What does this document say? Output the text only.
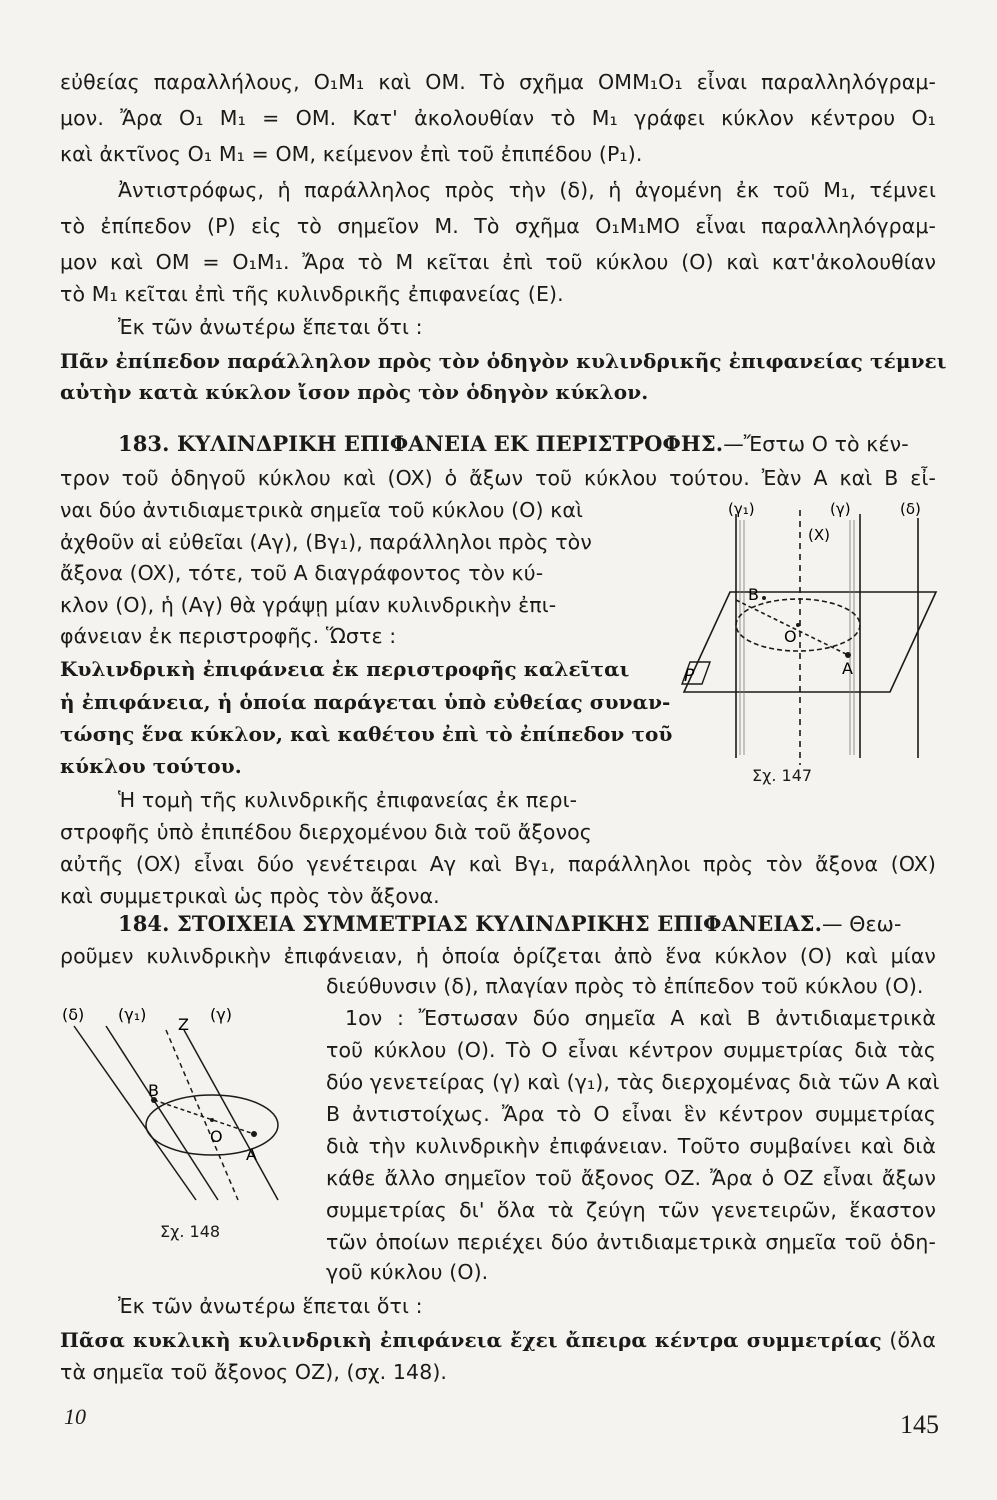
εὐθείας παραλλήλους, O₁M₁ καὶ OM. Τὸ σχῆμα OMM₁O₁ εἶναι παραλληλόγραμ-
μον. Ἄρα O₁ M₁ = OM. Κατ' ἀκολουθίαν τὸ M₁ γράφει κύκλον κέντρου O₁
καὶ ἀκτῖνος O₁ M₁ = OM, κείμενον ἐπὶ τοῦ ἐπιπέδου (P₁).
Ἀντιστρόφως, ἡ παράλληλος πρὸς τὴν (δ), ἡ ἀγομένη ἐκ τοῦ M₁, τέμνει
τὸ ἐπίπεδον (P) εἰς τὸ σημεῖον M. Τὸ σχῆμα O₁M₁MO εἶναι παραλληλόγραμ-
μον καὶ OM = O₁M₁. Ἄρα τὸ M κεῖται ἐπὶ τοῦ κύκλου (O) καὶ κατ'ἀκολουθίαν
τὸ M₁ κεῖται ἐπὶ τῆς κυλινδρικῆς ἐπιφανείας (E).
Ἐκ τῶν ἀνωτέρω ἕπεται ὅτι :
Πᾶν ἐπίπεδον παράλληλον πρὸς τὸν ὁδηγὸν κυλινδρικῆς ἐπιφανείας τέμνει
αὐτὴν κατὰ κύκλον ἴσον πρὸς τὸν ὁδηγὸν κύκλον.
183. ΚΥΛΙΝΔΡΙΚΗ ΕΠΙΦΑΝΕΙΑ ΕΚ ΠΕΡΙΣΤΡΟΦΗΣ.—Ἔστω O τὸ κέν-
τρον τοῦ ὁδηγοῦ κύκλου καὶ (OX) ὁ ἄξων τοῦ κύκλου τούτου. Ἐὰν A καὶ B εἶ-
ναι δύο ἀντιδιαμετρικὰ σημεῖα τοῦ κύκλου (O) καὶ
ἀχθοῦν αἱ εὐθεῖαι (Aγ), (Bγ₁), παράλληλοι πρὸς τὸν
ἄξονα (OX), τότε, τοῦ A διαγράφοντος τὸν κύ-
κλον (O), ἡ (Aγ) θὰ γράψῃ μίαν κυλινδρικὴν ἐπι-
φάνειαν ἐκ περιστροφῆς. Ὥστε :
Κυλινδρικὴ ἐπιφάνεια ἐκ περιστροφῆς καλεῖται
ἡ ἐπιφάνεια, ἡ ὁποία παράγεται ὑπὸ εὐθείας συναν-
τώσης ἕνα κύκλον, καὶ καθέτου ἐπὶ τὸ ἐπίπεδον τοῦ
κύκλου τούτου.
Ἡ τομὴ τῆς κυλινδρικῆς ἐπιφανείας ἐκ περι-
στροφῆς ὑπὸ ἐπιπέδου διερχομένου διὰ τοῦ ἄξονος
αὐτῆς (OX) εἶναι δύο γενέτειραι Aγ καὶ Bγ₁, παράλληλοι πρὸς τὸν ἄξονα (OX)
καὶ συμμετρικαὶ ὡς πρὸς τὸν ἄξονα.
(γ₁)	(γ)	(δ)
(X)
B
O
A
P
Σχ. 147
184. ΣΤΟΙΧΕΙΑ ΣΥΜΜΕΤΡΙΑΣ ΚΥΛΙΝΔΡΙΚΗΣ ΕΠΙΦΑΝΕΙΑΣ.— Θεω-
ροῦμεν κυλινδρικὴν ἐπιφάνειαν, ἡ ὁποία ὁρίζεται ἀπὸ ἕνα κύκλον (O) καὶ μίαν
διεύθυνσιν (δ), πλαγίαν πρὸς τὸ ἐπίπεδον τοῦ κύκλου (O).
1ον : Ἔστωσαν δύο σημεῖα A καὶ B ἀντιδιαμετρικὰ
τοῦ κύκλου (O). Τὸ O εἶναι κέντρον συμμετρίας διὰ τὰς
δύο γενετείρας (γ) καὶ (γ₁), τὰς διερχομένας διὰ τῶν A καὶ
B ἀντιστοίχως. Ἄρα τὸ O εἶναι ἓν κέντρον συμμετρίας
διὰ τὴν κυλινδρικὴν ἐπιφάνειαν. Τοῦτο συμβαίνει καὶ διὰ
κάθε ἄλλο σημεῖον τοῦ ἄξονος OZ. Ἄρα ὁ OZ εἶναι ἄξων
συμμετρίας δι' ὅλα τὰ ζεύγη τῶν γενετειρῶν, ἕκαστον
τῶν ὁποίων περιέχει δύο ἀντιδιαμετρικὰ σημεῖα τοῦ ὁδη-
γοῦ κύκλου (O).
Ἐκ τῶν ἀνωτέρω ἕπεται ὅτι :
Πᾶσα κυκλικὴ κυλινδρικὴ ἐπιφάνεια ἔχει ἄπειρα κέντρα συμμετρίας (ὅλα
τὰ σημεῖα τοῦ ἄξονος OZ), (σχ. 148).
(δ) (γ₁)
Z
(γ)
B
O
A
Σχ. 148
10	145
